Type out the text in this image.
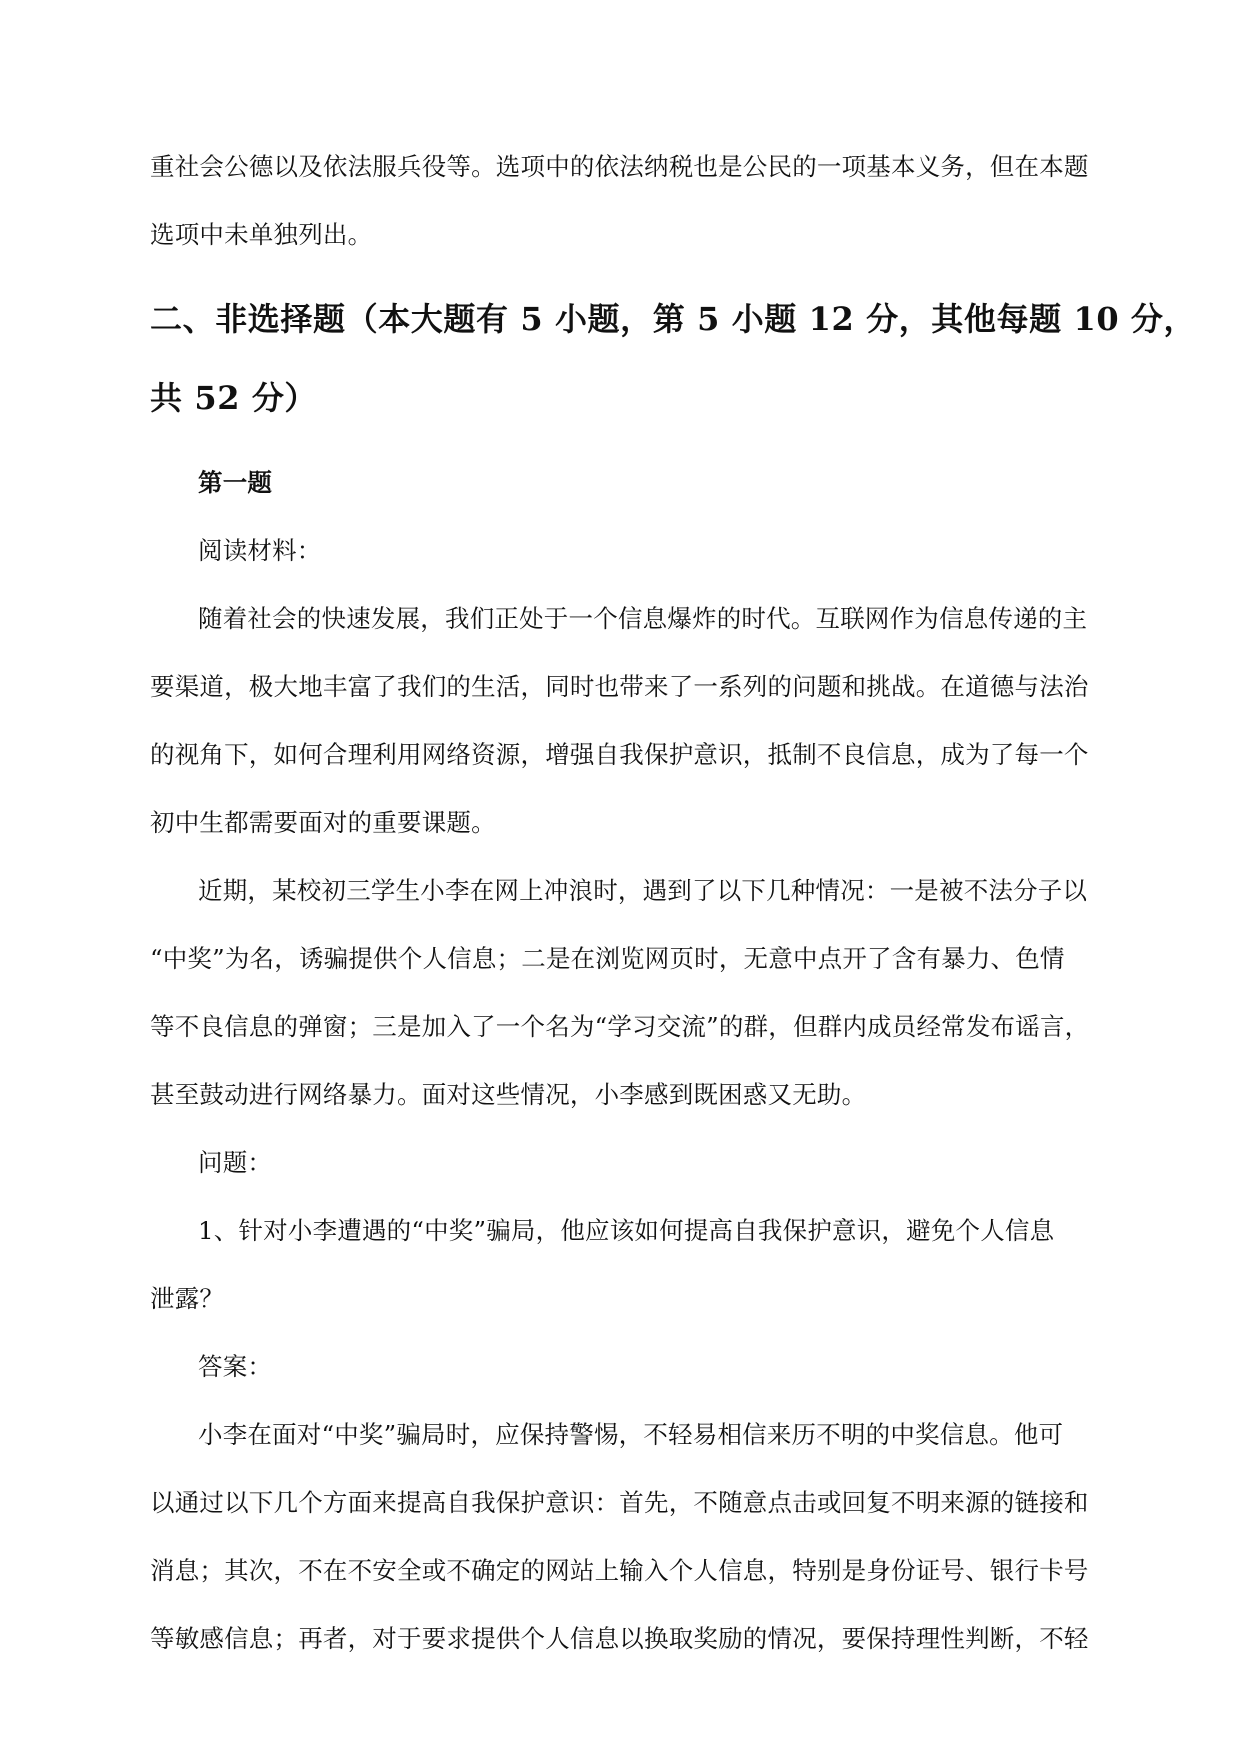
重社会公德以及依法服兵役等。选项中的依法纳税也是公民的一项基本义务，但在本题
选项中未单独列出。
二、非选择题（本大题有 5 小题，第 5 小题 12 分，其他每题 10 分，
共 52 分）
第一题
阅读材料：
随着社会的快速发展，我们正处于一个信息爆炸的时代。互联网作为信息传递的主
要渠道，极大地丰富了我们的生活，同时也带来了一系列的问题和挑战。在道德与法治
的视角下，如何合理利用网络资源，增强自我保护意识，抵制不良信息，成为了每一个
初中生都需要面对的重要课题。
近期，某校初三学生小李在网上冲浪时，遇到了以下几种情况：一是被不法分子以
“中奖”为名，诱骗提供个人信息；二是在浏览网页时，无意中点开了含有暴力、色情
等不良信息的弹窗；三是加入了一个名为“学习交流”的群，但群内成员经常发布谣言，
甚至鼓动进行网络暴力。面对这些情况，小李感到既困惑又无助。
问题：
1、针对小李遭遇的“中奖”骗局，他应该如何提高自我保护意识，避免个人信息
泄露？
答案：
小李在面对“中奖”骗局时，应保持警惕，不轻易相信来历不明的中奖信息。他可
以通过以下几个方面来提高自我保护意识：首先，不随意点击或回复不明来源的链接和
消息；其次，不在不安全或不确定的网站上输入个人信息，特别是身份证号、银行卡号
等敏感信息；再者，对于要求提供个人信息以换取奖励的情况，要保持理性判断，不轻
